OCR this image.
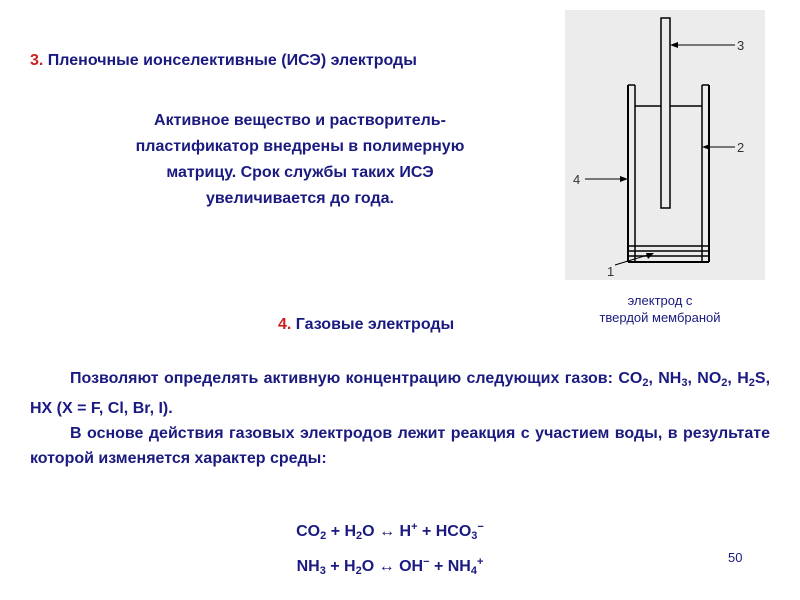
3. Пленочные ионселективные (ИСЭ) электроды
Активное вещество и растворитель-
пластификатор внедрены в полимерную
матрицу. Срок службы таких ИСЭ
увеличивается до года.
3
2
4
1
электрод с
твердой мембраной
4. Газовые электроды

Позволяют определять активную концентрацию следующих газов: $CO_2$, $NH_3$, $NO_2$, $H_2S$, HX (X = F, Cl, Br, I).

В основе действия газовых электродов лежит реакция с участием воды, в результате которой изменяется характер среды:

$CO_2 + H_2O$ ↔ $H^+ + HCO_3^-$
$NH_3 + H_2O$ ↔ $OH^- + NH_4^+$	50
